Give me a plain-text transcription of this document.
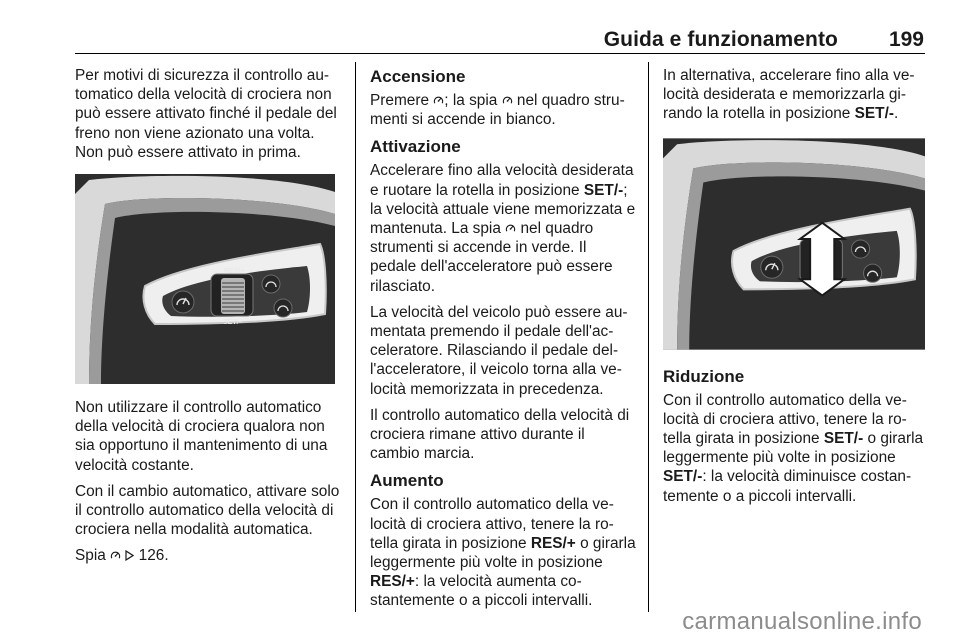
Guida e funzionamento 199

Per motivi di sicurezza il controllo automatico della velocità di crociera non può essere attivato finché il pedale del freno non viene azionato una volta. Non può essere attivato in prima.

RES/+
SET/–

Non utilizzare il controllo automatico della velocità di crociera qualora non sia opportuno il mantenimento di una velocità costante.

Con il cambio automatico, attivare solo il controllo automatico della velocità di crociera nella modalità automatica.

Spia 126.

Accensione

Premere ; la spia nel quadro strumenti si accende in bianco.

Attivazione

Accelerare fino alla velocità desiderata e ruotare la rotella in posizione SET/-; la velocità attuale viene memorizzata e mantenuta. La spia nel quadro strumenti si accende in verde. Il pedale dell'acceleratore può essere rilasciato.

La velocità del veicolo può essere aumentata premendo il pedale dell'acceleratore. Rilasciando il pedale dell'acceleratore, il veicolo torna alla velocità memorizzata in precedenza.

Il controllo automatico della velocità di crociera rimane attivo durante il cambio marcia.

Aumento

Con il controllo automatico della velocità di crociera attivo, tenere la rotella girata in posizione RES/+ o girarla leggermente più volte in posizione RES/+: la velocità aumenta costantemente o a piccoli intervalli.

In alternativa, accelerare fino alla velocità desiderata e memorizzarla girando la rotella in posizione SET/-.

Riduzione

Con il controllo automatico della velocità di crociera attivo, tenere la rotella girata in posizione SET/- o girarla leggermente più volte in posizione SET/-: la velocità diminuisce costantemente o a piccoli intervalli.

carmanualsonline.info
